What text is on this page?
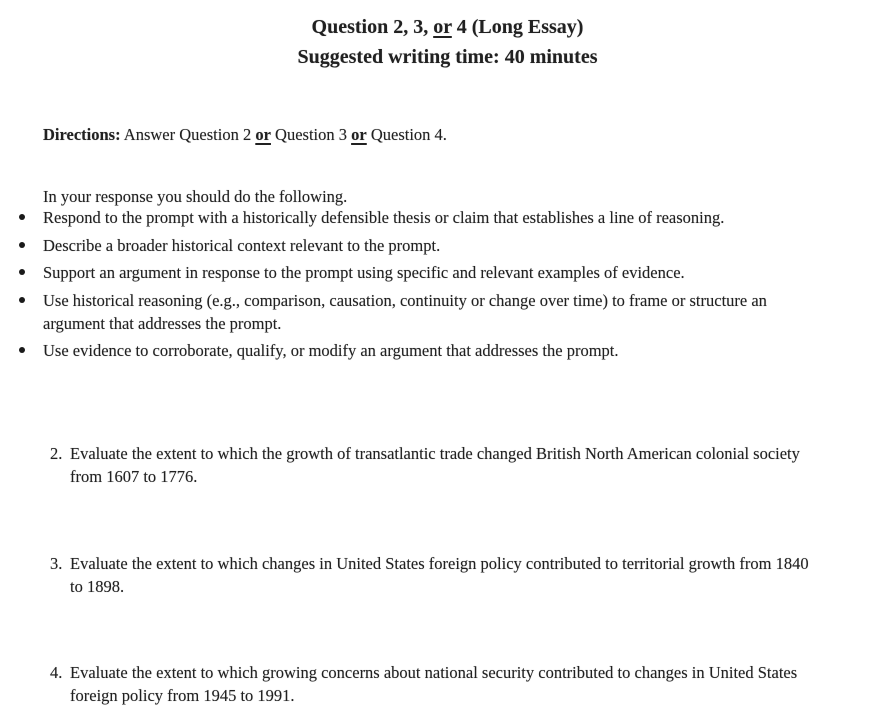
Question 2, 3, or 4 (Long Essay)
Suggested writing time: 40 minutes

Directions: Answer Question 2 or Question 3 or Question 4.

In your response you should do the following.

Respond to the prompt with a historically defensible thesis or claim that establishes a line of reasoning.
Describe a broader historical context relevant to the prompt.
Support an argument in response to the prompt using specific and relevant examples of evidence.
Use historical reasoning (e.g., comparison, causation, continuity or change over time) to frame or structure an
argument that addresses the prompt.
Use evidence to corroborate, qualify, or modify an argument that addresses the prompt.
2. Evaluate the extent to which the growth of transatlantic trade changed British North American colonial society
from 1607 to 1776.
3. Evaluate the extent to which changes in United States foreign policy contributed to territorial growth from 1840
to 1898.
4. Evaluate the extent to which growing concerns about national security contributed to changes in United States
foreign policy from 1945 to 1991.
